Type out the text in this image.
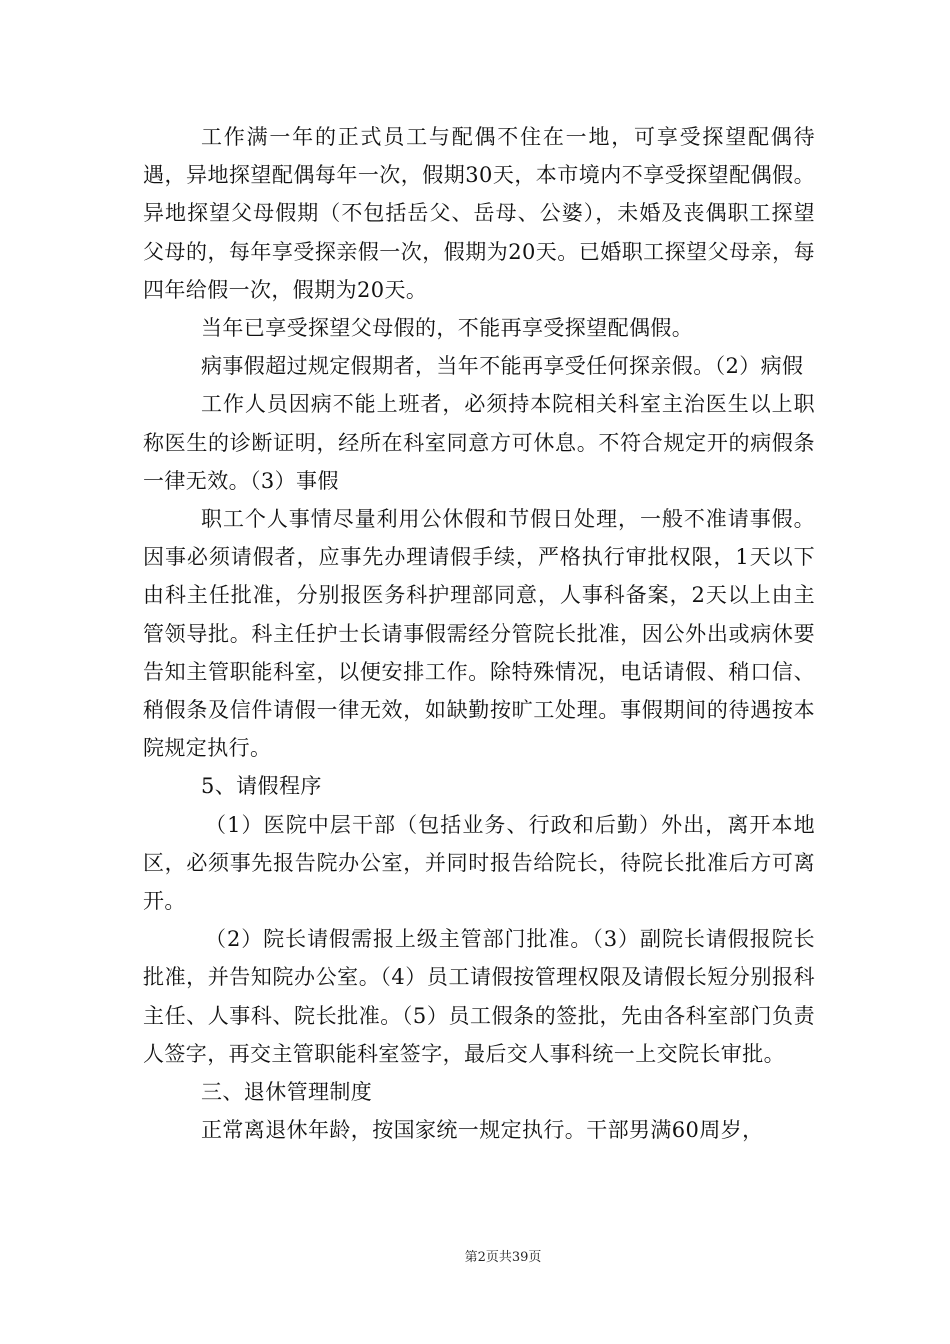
工作满一年的正式员工与配偶不住在一地，可享受探望配偶待遇，异地探望配偶每年一次，假期30天，本市境内不享受探望配偶假。异地探望父母假期（不包括岳父、岳母、公婆），未婚及丧偶职工探望父母的，每年享受探亲假一次，假期为20天。已婚职工探望父母亲，每四年给假一次，假期为20天。

当年已享受探望父母假的，不能再享受探望配偶假。

病事假超过规定假期者，当年不能再享受任何探亲假。（2）病假

工作人员因病不能上班者，必须持本院相关科室主治医生以上职称医生的诊断证明，经所在科室同意方可休息。不符合规定开的病假条一律无效。（3）事假

职工个人事情尽量利用公休假和节假日处理，一般不准请事假。因事必须请假者，应事先办理请假手续，严格执行审批权限，1天以下由科主任批准，分别报医务科护理部同意，人事科备案，2天以上由主管领导批。科主任护士长请事假需经分管院长批准，因公外出或病休要告知主管职能科室，以便安排工作。除特殊情况，电话请假、稍口信、稍假条及信件请假一律无效，如缺勤按旷工处理。事假期间的待遇按本院规定执行。

5、请假程序

（1）医院中层干部（包括业务、行政和后勤）外出，离开本地区，必须事先报告院办公室，并同时报告给院长，待院长批准后方可离开。

（2）院长请假需报上级主管部门批准。（3）副院长请假报院长批准，并告知院办公室。（4）员工请假按管理权限及请假长短分别报科主任、人事科、院长批准。（5）员工假条的签批，先由各科室部门负责人签字，再交主管职能科室签字，最后交人事科统一上交院长审批。

三、退休管理制度

正常离退休年龄，按国家统一规定执行。干部男满60周岁，

第2页共39页
